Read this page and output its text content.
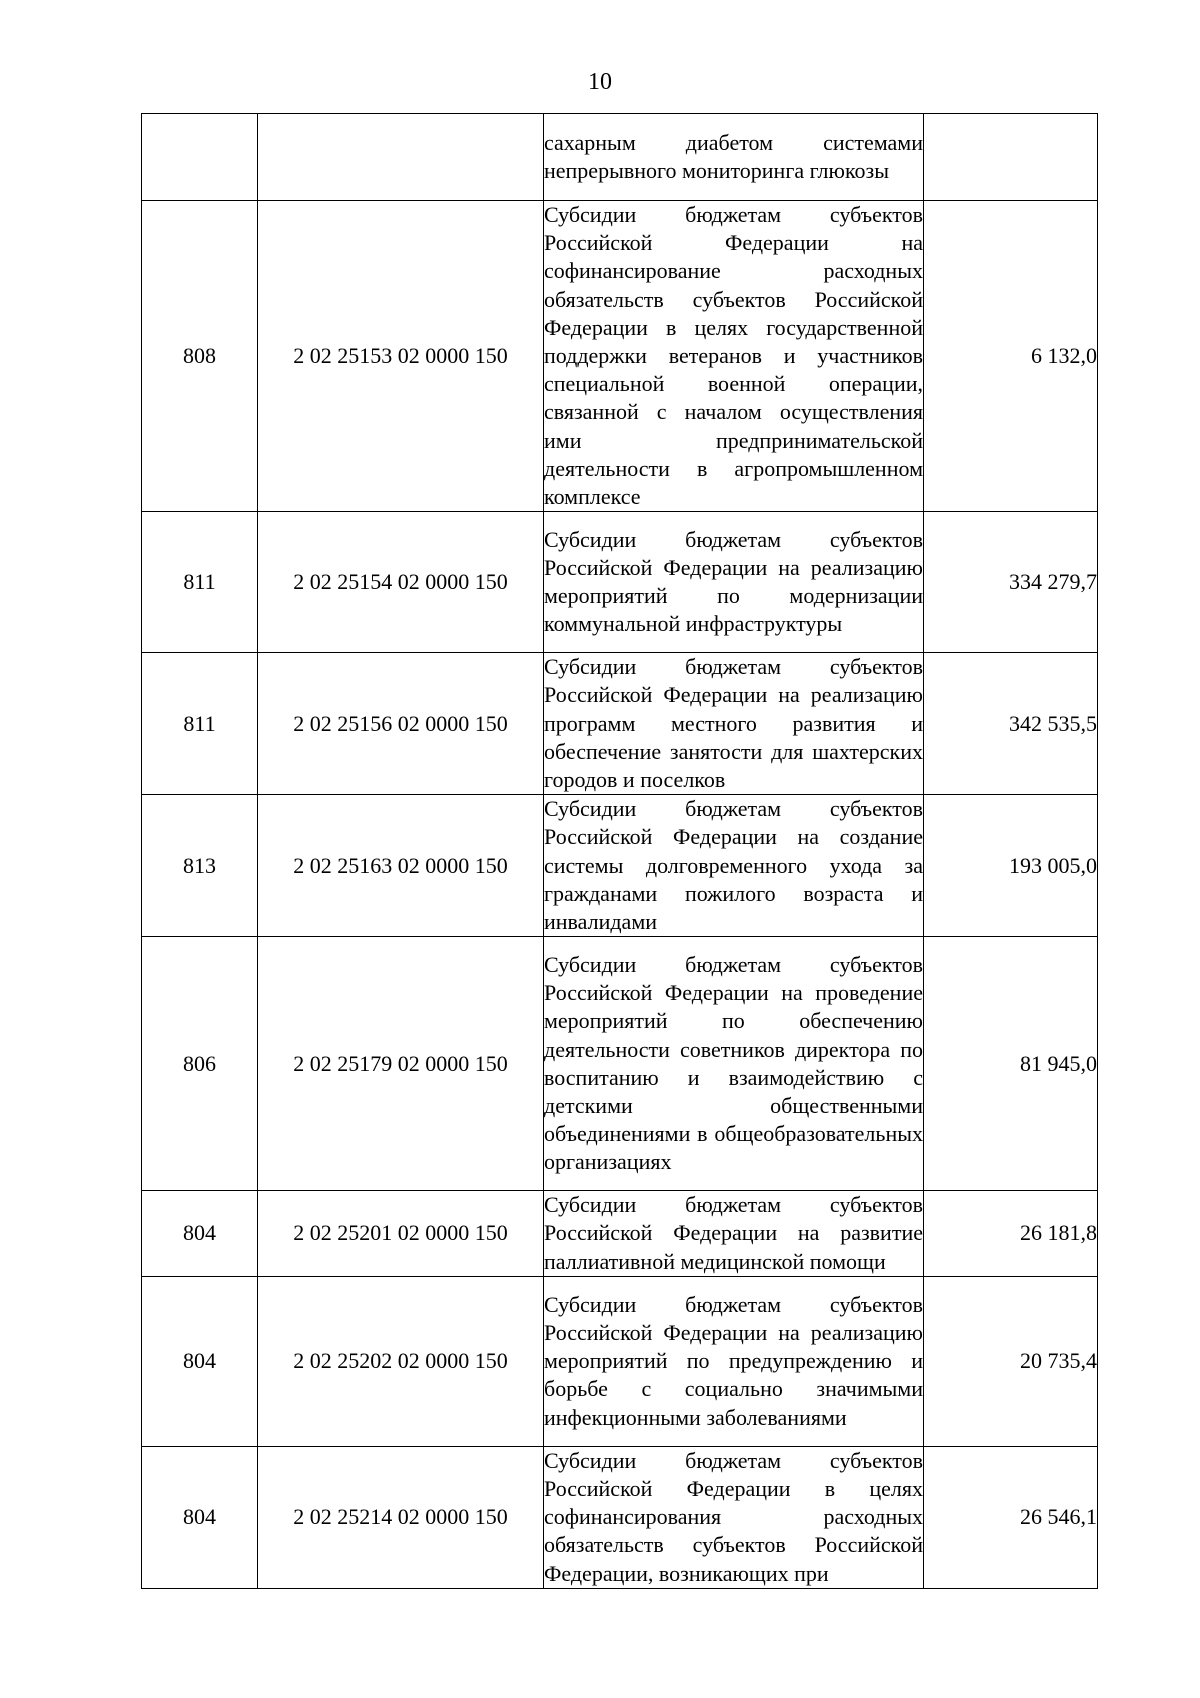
10
		сахарным диабетом системами непрерывного мониторинга глюкозы	
808	2 02 25153 02 0000 150	Субсидии бюджетам субъектов Российской Федерации на софинансирование расходных обязательств субъектов Российской Федерации в целях государственной поддержки ветеранов и участников специальной военной операции, связанной с началом осуществления ими предпринимательской деятельности в агропромышленном комплексе	6 132,0
811	2 02 25154 02 0000 150	Субсидии бюджетам субъектов Российской Федерации на реализацию мероприятий по модернизации коммунальной инфраструктуры	334 279,7
811	2 02 25156 02 0000 150	Субсидии бюджетам субъектов Российской Федерации на реализацию программ местного развития и обеспечение занятости для шахтерских городов и поселков	342 535,5
813	2 02 25163 02 0000 150	Субсидии бюджетам субъектов Российской Федерации на создание системы долговременного ухода за гражданами пожилого возраста и инвалидами	193 005,0
806	2 02 25179 02 0000 150	Субсидии бюджетам субъектов Российской Федерации на проведение мероприятий по обеспечению деятельности советников директора по воспитанию и взаимодействию с детскими общественными объединениями в общеобразовательных организациях	81 945,0
804	2 02 25201 02 0000 150	Субсидии бюджетам субъектов Российской Федерации на развитие паллиативной медицинской помощи	26 181,8
804	2 02 25202 02 0000 150	Субсидии бюджетам субъектов Российской Федерации на реализацию мероприятий по предупреждению и борьбе с социально значимыми инфекционными заболеваниями	20 735,4
804	2 02 25214 02 0000 150	Субсидии бюджетам субъектов Российской Федерации в целях софинансирования расходных обязательств субъектов Российской Федерации, возникающих при	26 546,1
